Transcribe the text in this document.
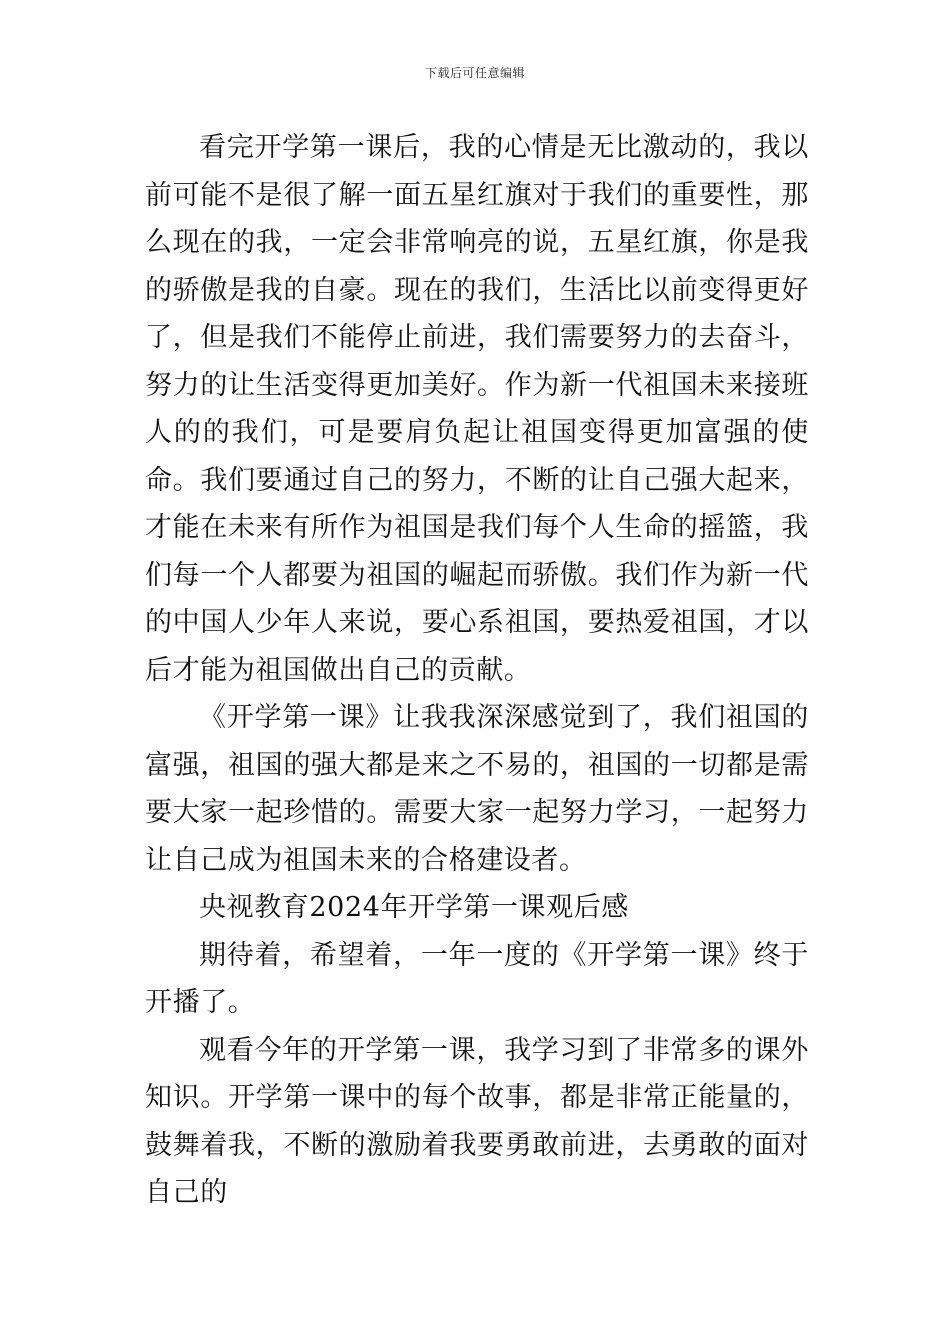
下载后可任意编辑

看完开学第一课后，我的心情是无比激动的，我以前可能不是很了解一面五星红旗对于我们的重要性，那么现在的我，一定会非常响亮的说，五星红旗，你是我的骄傲是我的自豪。现在的我们，生活比以前变得更好了，但是我们不能停止前进，我们需要努力的去奋斗，努力的让生活变得更加美好。作为新一代祖国未来接班人的的我们，可是要肩负起让祖国变得更加富强的使命。我们要通过自己的努力，不断的让自己强大起来，才能在未来有所作为祖国是我们每个人生命的摇篮，我们每一个人都要为祖国的崛起而骄傲。我们作为新一代的中国人少年人来说，要心系祖国，要热爱祖国，才以后才能为祖国做出自己的贡献。

《开学第一课》让我我深深感觉到了，我们祖国的富强，祖国的强大都是来之不易的，祖国的一切都是需要大家一起珍惜的。需要大家一起努力学习，一起努力让自己成为祖国未来的合格建设者。

央视教育2024年开学第一课观后感

期待着，希望着，一年一度的《开学第一课》终于开播了。

观看今年的开学第一课，我学习到了非常多的课外知识。开学第一课中的每个故事，都是非常正能量的，鼓舞着我，不断的激励着我要勇敢前进，去勇敢的面对自己的
